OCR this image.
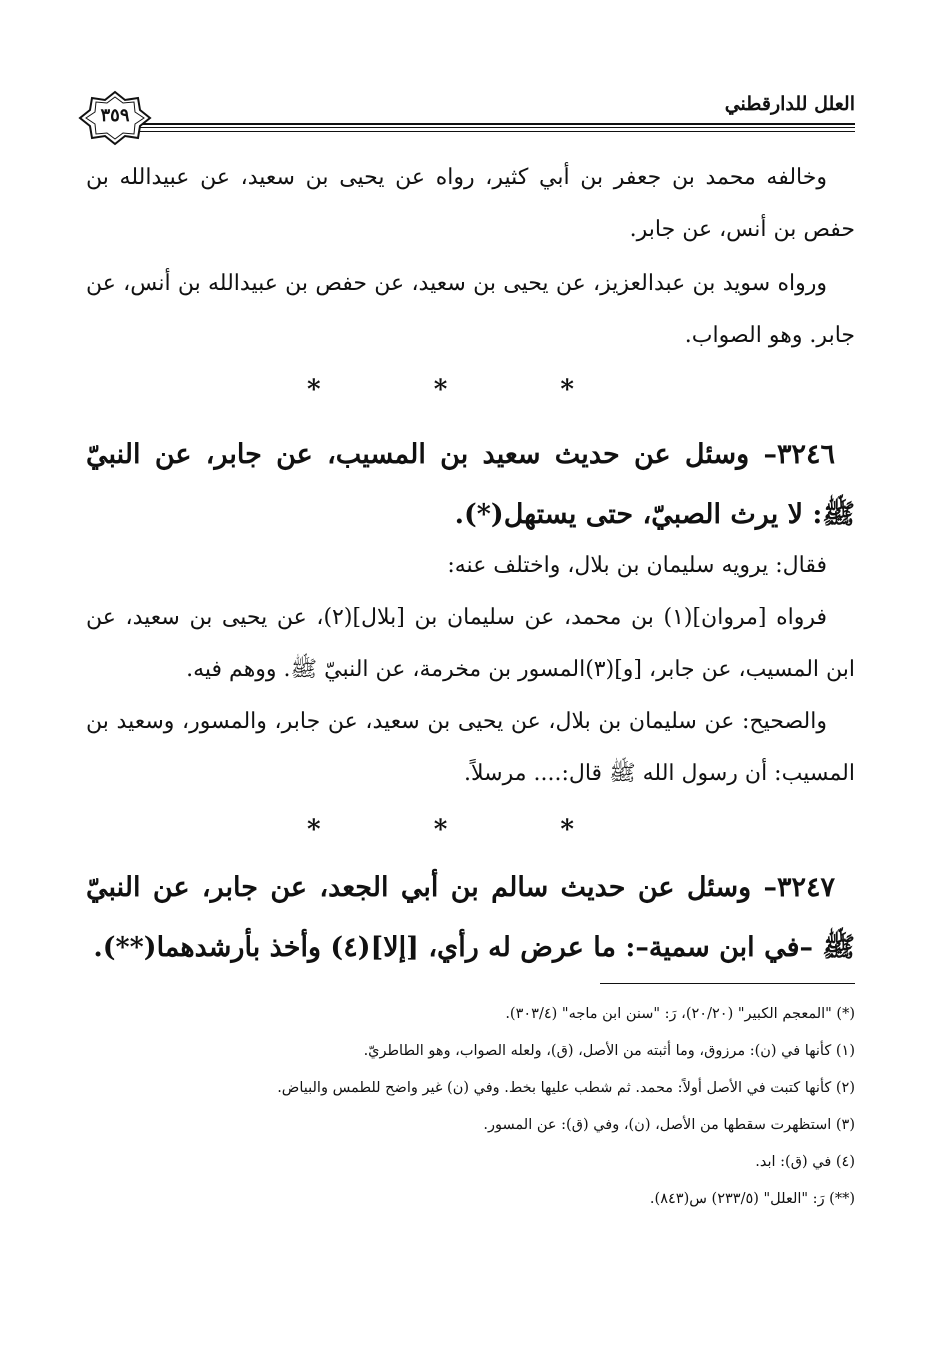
العلل للدارقطني
٣٥٩

وخالفه محمد بن جعفر بن أبي كثير، رواه عن يحيى بن سعيد، عن عبيدالله بن حفص بن أنس، عن جابر.

ورواه سويد بن عبدالعزيز، عن يحيى بن سعيد، عن حفص بن عبيدالله بن أنس، عن جابر. وهو الصواب.

* * *

٣٢٤٦– وسئل عن حديث سعيد بن المسيب، عن جابر، عن النبيّ ﷺ: لا يرث الصبيّ، حتى يستهل(*).

فقال: يرويه سليمان بن بلال، واختلف عنه:

فرواه [مروان](١) بن محمد، عن سليمان بن [بلال](٢)، عن يحيى بن سعيد، عن ابن المسيب، عن جابر، [و](٣)المسور بن مخرمة، عن النبيّ ﷺ. ووهم فيه.

والصحيح: عن سليمان بن بلال، عن يحيى بن سعيد، عن جابر، والمسور، وسعيد بن المسيب: أن رسول الله ﷺ قال:.... مرسلاً.

* * *

٣٢٤٧– وسئل عن حديث سالم بن أبي الجعد، عن جابر، عن النبيّ ﷺ –في ابن سمية–: ما عرض له رأي، [إلا](٤) وأخذ بأرشدهما(**).

(*) "المعجم الكبير" (٢٠/٢٠)، رَ: "سنن ابن ماجه" (٣٠٣/٤).
(١) كأنها في (ن): مرزوق، وما أثبته من الأصل، (ق)، ولعله الصواب، وهو الطاطريّ.
(٢) كأنها كتبت في الأصل أولاً: محمد. ثم شطب عليها بخط. وفي (ن) غير واضح للطمس والبياض.
(٣) استظهرت سقطها من الأصل، (ن)، وفي (ق): عن المسور.
(٤) في (ق): ابد.
(**) رَ: "العلل" (٢٣٣/٥) س(٨٤٣).
